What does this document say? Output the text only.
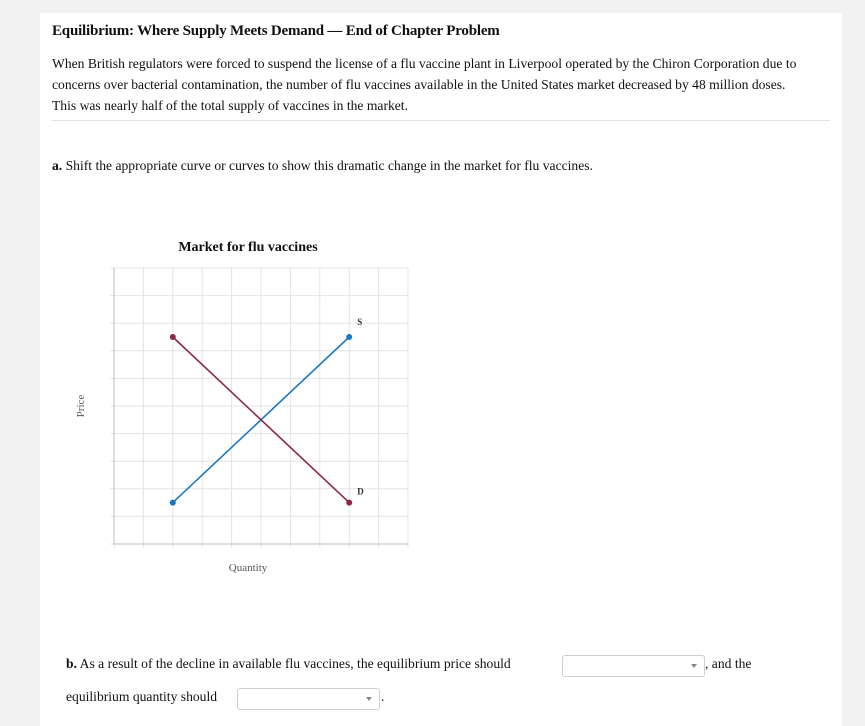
Equilibrium: Where Supply Meets Demand — End of Chapter Problem
When British regulators were forced to suspend the license of a flu vaccine plant in Liverpool operated by the Chiron Corporation due to concerns over bacterial contamination, the number of flu vaccines available in the United States market decreased by 48 million doses. This was nearly half of the total supply of vaccines in the market.
a. Shift the appropriate curve or curves to show this dramatic change in the market for flu vaccines.
Market for flu vaccines
Price
Quantity
S
D
b. As a result of the decline in available flu vaccines, the equilibrium price should	, and the
equilibrium quantity should	.
